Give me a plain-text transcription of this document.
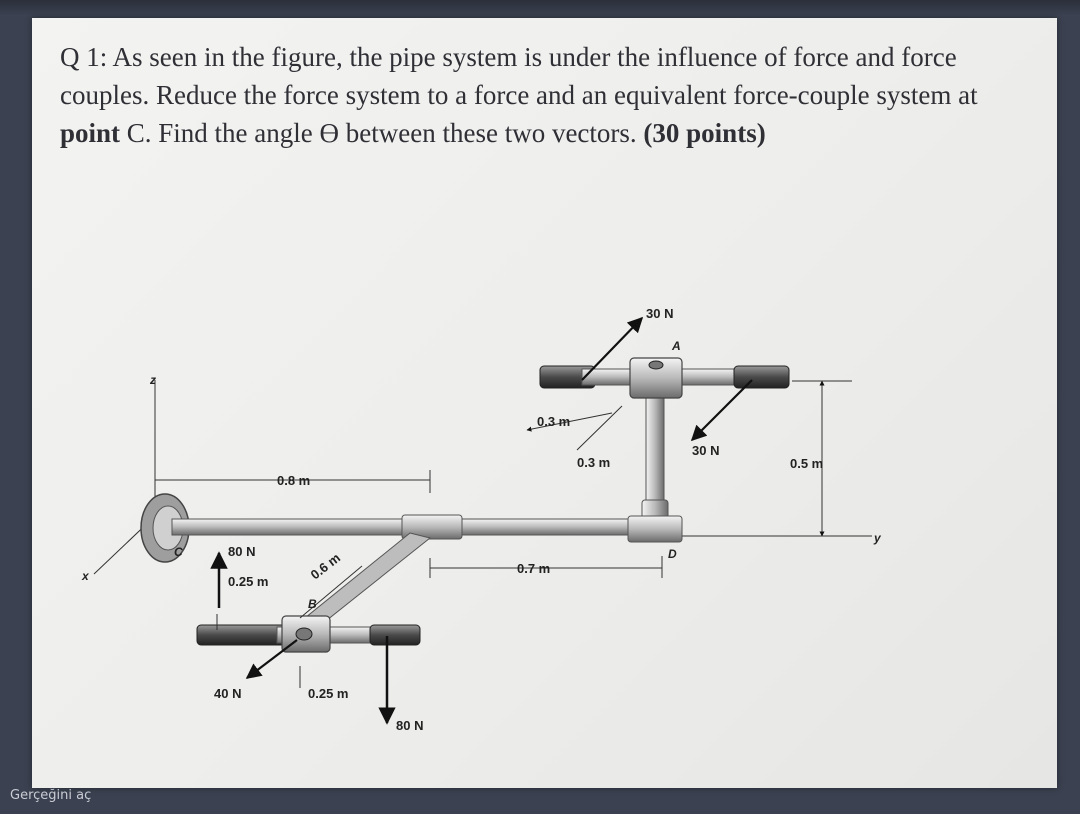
Q 1: As seen in the figure, the pipe system is under the influence of force and force couples. Reduce the force system to a force and an equivalent force-couple system at point C. Find the angle ϴ between these two vectors. (30 points)

z
x
y
30 N
A
0.3 m
0.3 m
30 N
0.5 m
0.8 m
C	80 N
0.25 m	0.6 m
B
0.7 m
D
40 N	0.25 m
80 N
Gerçeğini aç
